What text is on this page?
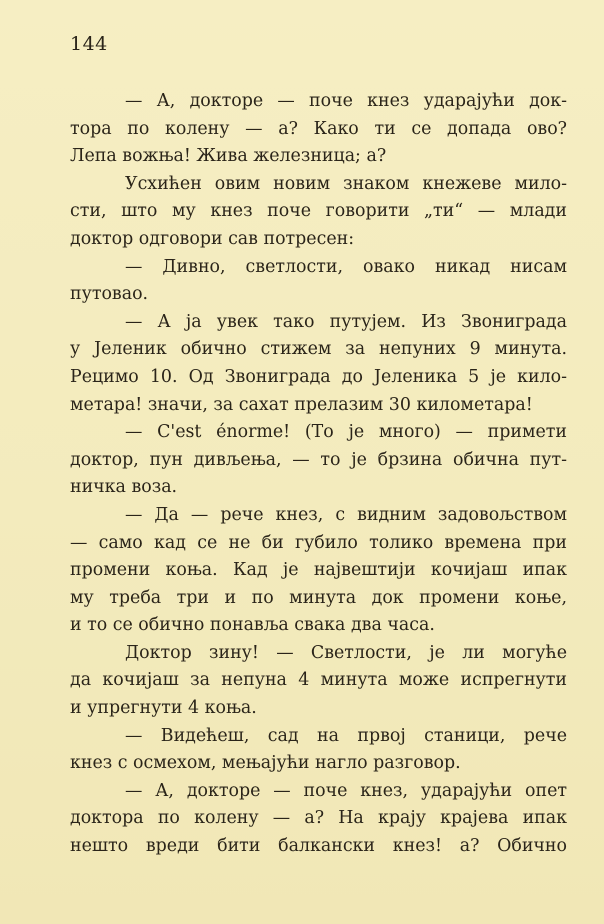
144
— А, докторе — поче кнез ударајући док-
тора по колену — а? Како ти се допада ово?
Лепа вожња! Жива железница; а?
Усхићен овим новим знаком кнежеве мило-
сти, што му кнез поче говорити „ти“ — млади
доктор одговори сав потресен:
— Дивно, светлости, овако никад нисам
путовао.
— А ја увек тако путујем. Из Звониграда
у Јеленик обично стижем за непуних 9 минута.
Рецимо 10. Од Звониграда до Јеленика 5 је кило-
метара! значи, за сахат прелазим 30 километара!
— C'est énorme! (То је много) — примети
доктор, пун дивљења, — то је брзина обична пут-
ничка воза.
— Да — рече кнез, с видним задовољством
— само кад се не би губило толико времена при
промени коња. Кад је највештији кочијаш ипак
му треба три и по минута док промени коње,
и то се обично понавља свака два часа.
Доктор зину! — Светлости, је ли могуће
да кочијаш за непуна 4 минута може испрегнути
и упрегнути 4 коња.
— Видећеш, сад на првој станици, рече
кнез с осмехом, мењајући нагло разговор.
— А, докторе — поче кнез, ударајући опет
доктора по колену — а? На крају крајева ипак
нешто вреди бити балкански кнез! а? Обично
